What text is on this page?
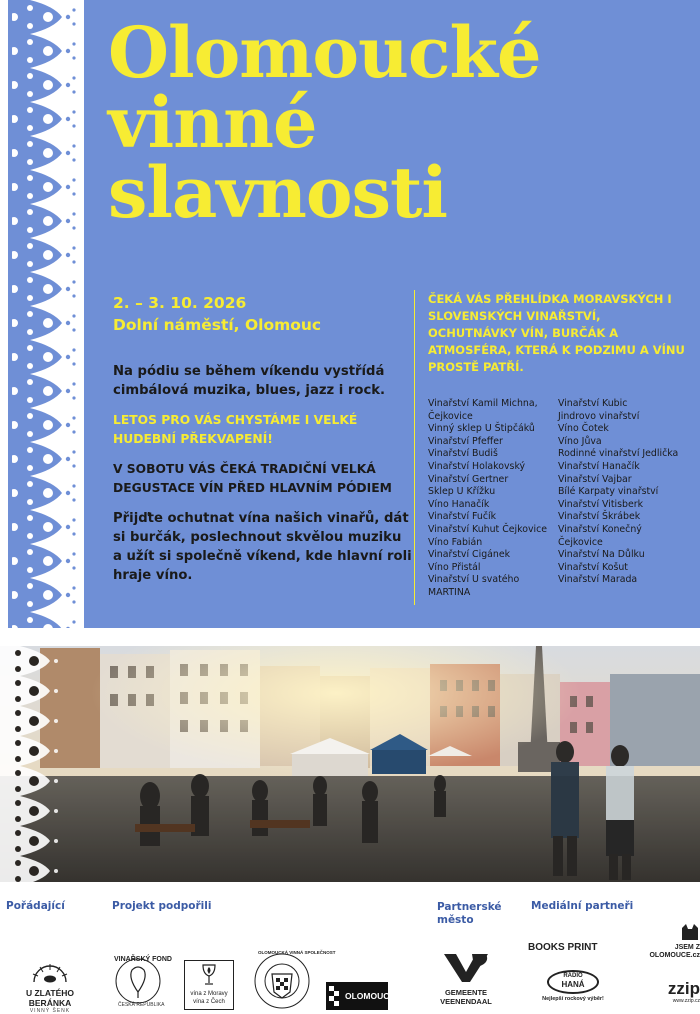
Olomoucké
vinné
slavnosti
2. – 3. 10. 2026
Dolní náměstí, Olomouc

Na pódiu se během víkendu vystřídá cimbálová muzika, blues, jazz i rock.

LETOS PRO VÁS CHYSTÁME I VELKÉ HUDEBNÍ PŘEKVAPENÍ!

V SOBOTU VÁS ČEKÁ TRADIČNÍ VELKÁ DEGUSTACE VÍN PŘED HLAVNÍM PÓDIEM

Přijďte ochutnat vína našich vinařů, dát si burčák, poslechnout skvělou muziku a užít si společně víkend, kde hlavní roli hraje víno.

ČEKÁ VÁS PŘEHLÍDKA MORAVSKÝCH I SLOVENSKÝCH VINAŘSTVÍ, OCHUTNÁVKY VÍN, BURČÁK A ATMOSFÉRA, KTERÁ K PODZIMU A VÍNU PROSTĚ PATŘÍ.
Vinařství Kamil Michna,
Čejkovice
Vinný sklep U Štipčáků
Vinařství Pfeffer
Vinařství Budiš
Vinařství Holakovský
Vinařství Gertner
Sklep U Křížku
Víno Hanačík
Vinařství Fučík
Vinařství Kuhut Čejkovice
Víno Fabián
Vinařství Cigánek
Víno Přistál
Vinařství U svatého
MARTINA
Vinařství Kubic
Jindrovo vinařství
Víno Čotek
Víno Jůva
Rodinné vinařství Jedlička
Vinařství Hanačík
Vinařství Vajbar
Bílé Karpaty vinařství
Vinařství Vitisberk
Vinařství Škrábek
Vinařství Konečný
Čejkovice
Vinařství Na Důlku
Vinařství Košut
Vinařství Marada
Pořádající	Projekt podpořili	Partnerské
město
Mediální partneři
U ZLATÉHO BERÁNKA
VINNÝ ŠENK
VINAŘSKÝ FOND
ČESKÁ REPUBLIKA
vína z Moravy
vína z Čech
OLOMOUCKÁ VINNÁ SPOLEČNOST
OLOMOUC	GEMEENTE
VEENENDAAL
BOOKS PRINT	JSEM Z
OLOMOUCE.cz
RADIO
HANÁ
Nejlepší rockový výběr!
zzip
www.zzip.cz
